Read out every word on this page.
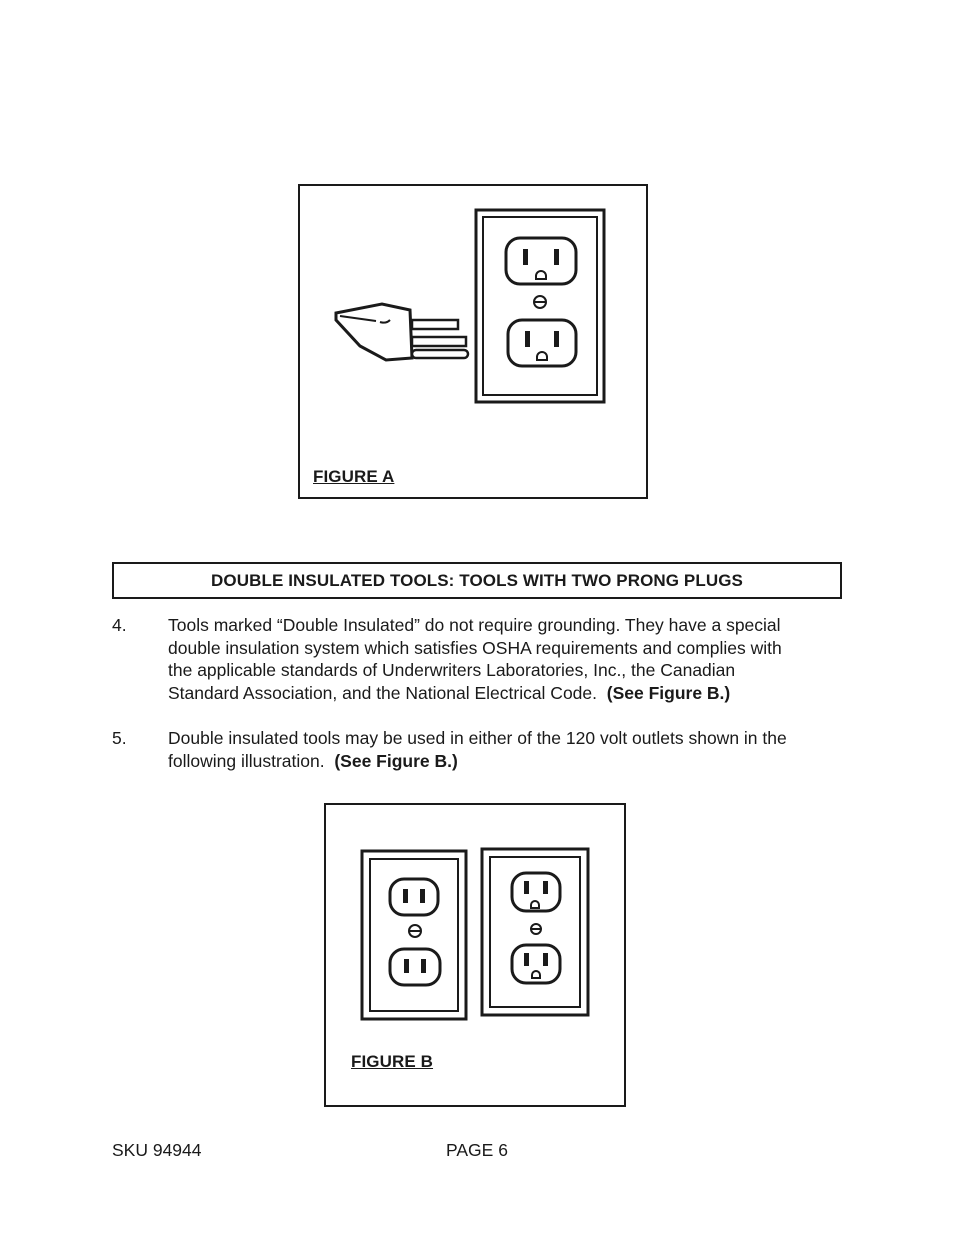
FIGURE A
DOUBLE INSULATED TOOLS: TOOLS WITH TWO PRONG PLUGS
4. Tools marked “Double Insulated” do not require grounding. They have a special
double insulation system which satisfies OSHA requirements and complies with
the applicable standards of Underwriters Laboratories, Inc., the Canadian
Standard Association, and the National Electrical Code. (See Figure B.)
5. Double insulated tools may be used in either of the 120 volt outlets shown in the
following illustration. (See Figure B.)
FIGURE B
SKU 94944	PAGE 6
